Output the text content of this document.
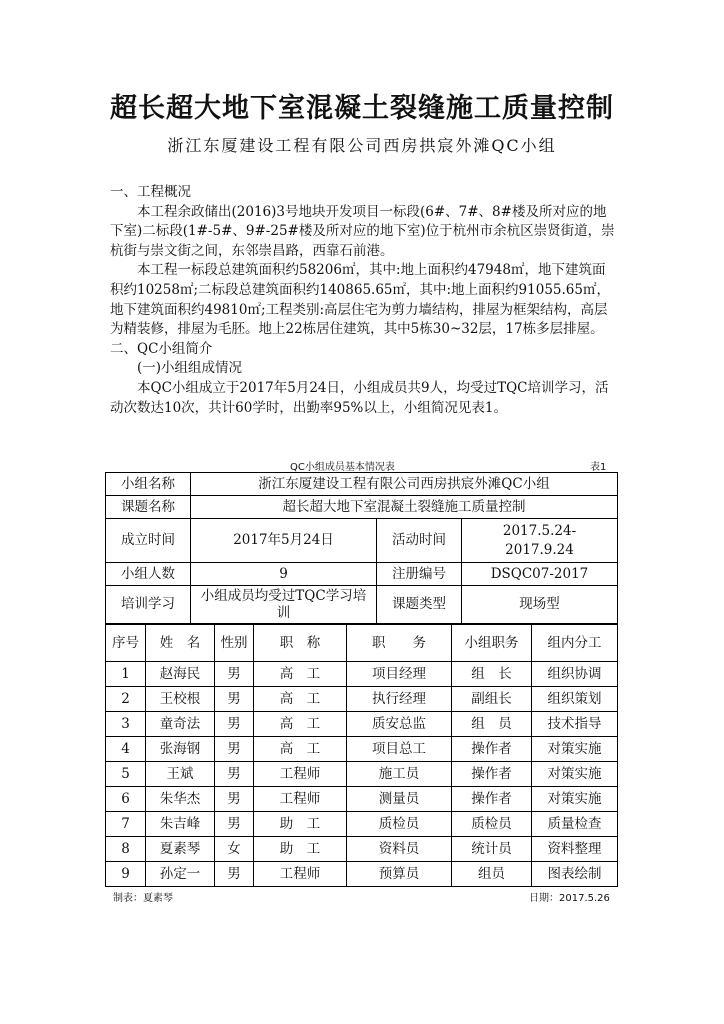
超长超大地下室混凝土裂缝施工质量控制
浙江东厦建设工程有限公司西房拱宸外滩QC小组

一、工程概况

本工程余政储出(2016)3号地块开发项目一标段(6#、7#、8#楼及所对应的地下室)二标段(1#-5#、9#-25#楼及所对应的地下室)位于杭州市余杭区崇贤街道，崇杭街与崇文街之间，东邻崇昌路，西靠石前港。

本工程一标段总建筑面积约58206㎡，其中:地上面积约47948㎡，地下建筑面积约10258㎡;二标段总建筑面积约140865.65㎡，其中:地上面积约91055.65㎡，地下建筑面积约49810㎡;工程类别:高层住宅为剪力墙结构，排屋为框架结构，高层为精装修，排屋为毛胚。地上22栋居住建筑，其中5栋30~32层，17栋多层排屋。

二、QC小组简介

(一)小组组成情况

本QC小组成立于2017年5月24日，小组成员共9人，均受过TQC培训学习，活动次数达10次，共计60学时，出勤率95%以上，小组简况见表1。

QC小组成员基本情况表	表1
小组名称	浙江东厦建设工程有限公司西房拱宸外滩QC小组		
课题名称	超长超大地下室混凝土裂缝施工质量控制		
成立时间	2017年5月24日	活动时间	2017.5.24-2017.9.24
小组人数	9	注册编号	DSQC07-2017
培训学习	小组成员均受过TQC学习培训	课题类型	现场型
序号	姓　名	性别	职　称	职　　务	小组职务	组内分工
1	赵海民	男	高　工	项目经理	组　长	组织协调
2	王校根	男	高　工	执行经理	副组长	组织策划
3	童奇法	男	高　工	质安总监	组　员	技术指导
4	张海钢	男	高　工	项目总工	操作者	对策实施
5	王斌	男	工程师	施工员	操作者	对策实施
6	朱华杰	男	工程师	测量员	操作者	对策实施
7	朱吉峰	男	助　工	质检员	质检员	质量检查
8	夏素琴	女	助　工	资料员	统计员	资料整理
9	孙定一	男	工程师	预算员	组员	图表绘制
制表：夏素琴	日期：2017.5.26
